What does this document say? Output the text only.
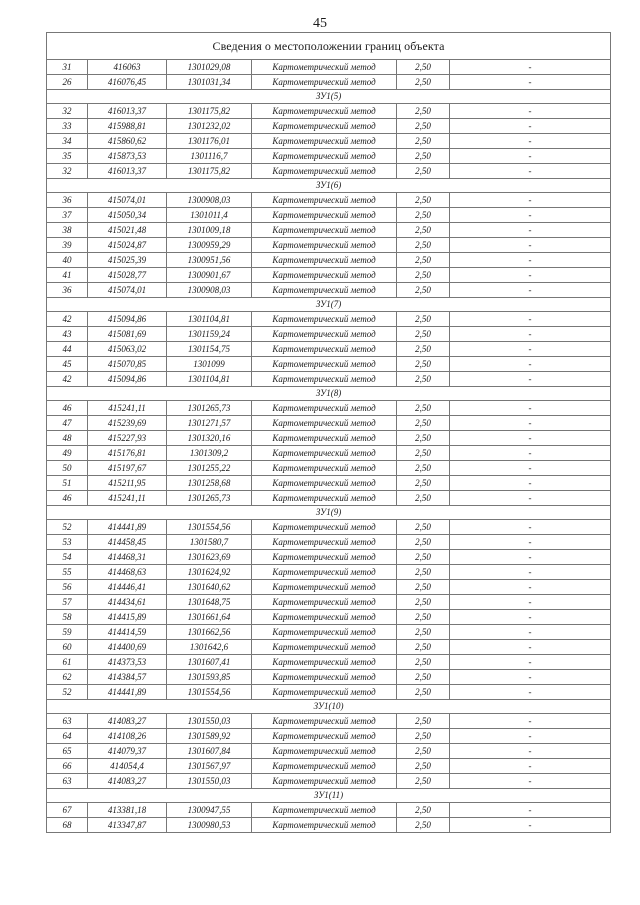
45
Сведения о местоположении границ объекта					
31	416063	1301029,08	Картометрический метод	2,50	-
26	416076,45	1301031,34	Картометрический метод	2,50	-
ЗУ1(5)					
32	416013,37	1301175,82	Картометрический метод	2,50	-
33	415988,81	1301232,02	Картометрический метод	2,50	-
34	415860,62	1301176,01	Картометрический метод	2,50	-
35	415873,53	1301116,7	Картометрический метод	2,50	-
32	416013,37	1301175,82	Картометрический метод	2,50	-
ЗУ1(6)					
36	415074,01	1300908,03	Картометрический метод	2,50	-
37	415050,34	1301011,4	Картометрический метод	2,50	-
38	415021,48	1301009,18	Картометрический метод	2,50	-
39	415024,87	1300959,29	Картометрический метод	2,50	-
40	415025,39	1300951,56	Картометрический метод	2,50	-
41	415028,77	1300901,67	Картометрический метод	2,50	-
36	415074,01	1300908,03	Картометрический метод	2,50	-
ЗУ1(7)					
42	415094,86	1301104,81	Картометрический метод	2,50	-
43	415081,69	1301159,24	Картометрический метод	2,50	-
44	415063,02	1301154,75	Картометрический метод	2,50	-
45	415070,85	1301099	Картометрический метод	2,50	-
42	415094,86	1301104,81	Картометрический метод	2,50	-
ЗУ1(8)					
46	415241,11	1301265,73	Картометрический метод	2,50	-
47	415239,69	1301271,57	Картометрический метод	2,50	-
48	415227,93	1301320,16	Картометрический метод	2,50	-
49	415176,81	1301309,2	Картометрический метод	2,50	-
50	415197,67	1301255,22	Картометрический метод	2,50	-
51	415211,95	1301258,68	Картометрический метод	2,50	-
46	415241,11	1301265,73	Картометрический метод	2,50	-
ЗУ1(9)					
52	414441,89	1301554,56	Картометрический метод	2,50	-
53	414458,45	1301580,7	Картометрический метод	2,50	-
54	414468,31	1301623,69	Картометрический метод	2,50	-
55	414468,63	1301624,92	Картометрический метод	2,50	-
56	414446,41	1301640,62	Картометрический метод	2,50	-
57	414434,61	1301648,75	Картометрический метод	2,50	-
58	414415,89	1301661,64	Картометрический метод	2,50	-
59	414414,59	1301662,56	Картометрический метод	2,50	-
60	414400,69	1301642,6	Картометрический метод	2,50	-
61	414373,53	1301607,41	Картометрический метод	2,50	-
62	414384,57	1301593,85	Картометрический метод	2,50	-
52	414441,89	1301554,56	Картометрический метод	2,50	-
ЗУ1(10)					
63	414083,27	1301550,03	Картометрический метод	2,50	-
64	414108,26	1301589,92	Картометрический метод	2,50	-
65	414079,37	1301607,84	Картометрический метод	2,50	-
66	414054,4	1301567,97	Картометрический метод	2,50	-
63	414083,27	1301550,03	Картометрический метод	2,50	-
ЗУ1(11)					
67	413381,18	1300947,55	Картометрический метод	2,50	-
68	413347,87	1300980,53	Картометрический метод	2,50	-
